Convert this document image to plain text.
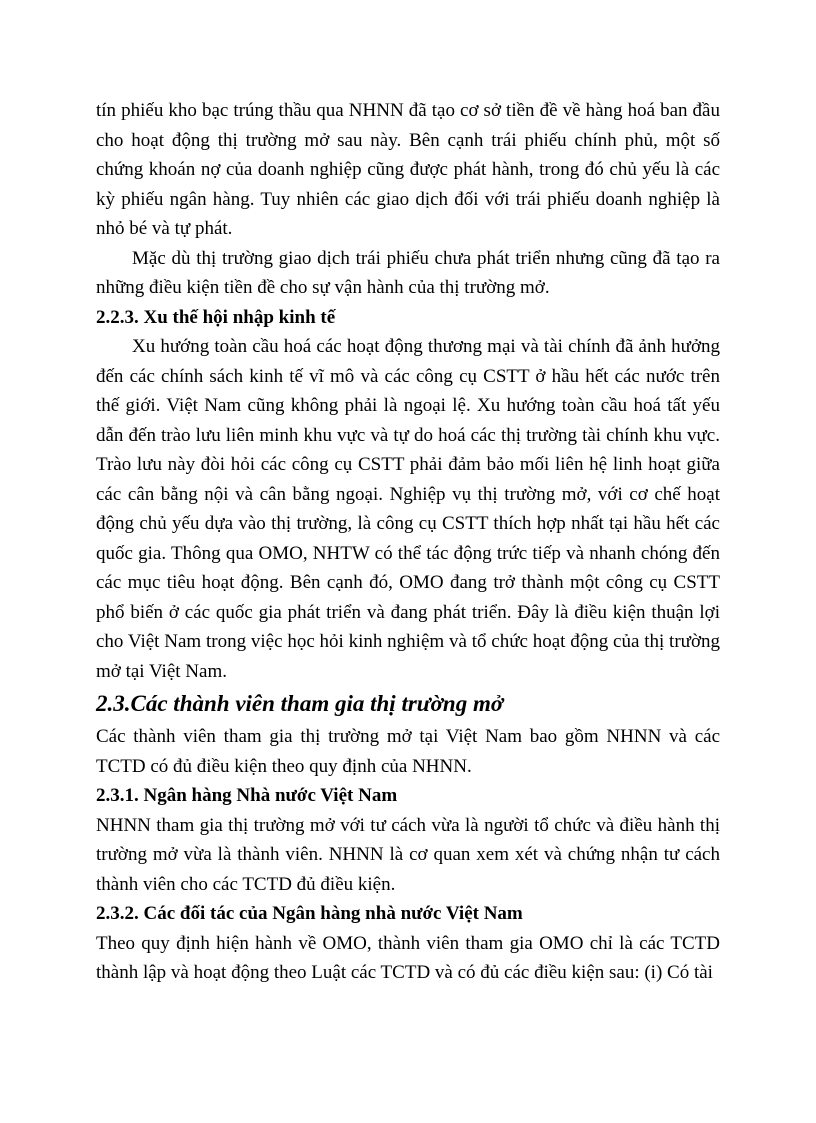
tín phiếu kho bạc trúng thầu qua NHNN đã tạo cơ sở tiền đề về hàng hoá ban đầu cho hoạt động thị trường mở sau này. Bên cạnh trái phiếu chính phủ, một số chứng khoán nợ của doanh nghiệp cũng được phát hành, trong đó chủ yếu là các kỳ phiếu ngân hàng. Tuy nhiên các giao dịch đối với trái phiếu doanh nghiệp là nhỏ bé và tự phát.

Mặc dù thị trường giao dịch trái phiếu chưa phát triển nhưng cũng đã tạo ra những điều kiện tiền đề cho sự vận hành của thị trường mở.

2.2.3. Xu thế hội nhập kinh tế

Xu hướng toàn cầu hoá các hoạt động thương mại và tài chính đã ảnh hưởng đến các chính sách kinh tế vĩ mô và các công cụ CSTT ở hầu hết các nước trên thế giới. Việt Nam cũng không phải là ngoại lệ. Xu hướng toàn cầu hoá tất yếu dẫn đến trào lưu liên minh khu vực và tự do hoá các thị trường tài chính khu vực. Trào lưu này đòi hỏi các công cụ CSTT phải đảm bảo mối liên hệ linh hoạt giữa các cân bằng nội và cân bằng ngoại. Nghiệp vụ thị trường mở, với cơ chế hoạt động chủ yếu dựa vào thị trường, là công cụ CSTT thích hợp nhất tại hầu hết các quốc gia. Thông qua OMO, NHTW có thể tác động trức tiếp và nhanh chóng đến các mục tiêu hoạt động. Bên cạnh đó, OMO đang trở thành một công cụ CSTT phổ biến ở các quốc gia phát triển và đang phát triển. Đây là điều kiện thuận lợi cho Việt Nam trong việc học hỏi kinh nghiệm và tổ chức hoạt động của thị trường mở tại Việt Nam.

2.3.Các thành viên tham gia thị trường mở

Các thành viên tham gia thị trường mở tại Việt Nam bao gồm NHNN và các TCTD có đủ điều kiện theo quy định của NHNN.

2.3.1. Ngân hàng Nhà nước Việt Nam

NHNN tham gia thị trường mở với tư cách vừa là người tổ chức và điều hành thị trường mở vừa là thành viên. NHNN là cơ quan xem xét và chứng nhận tư cách thành viên cho các TCTD đủ điều kiện.

2.3.2. Các đối tác của Ngân hàng nhà nước Việt Nam

Theo quy định hiện hành về OMO, thành viên tham gia OMO chỉ là các TCTD thành lập và hoạt động theo Luật các TCTD và có đủ các điều kiện sau: (i) Có tài
